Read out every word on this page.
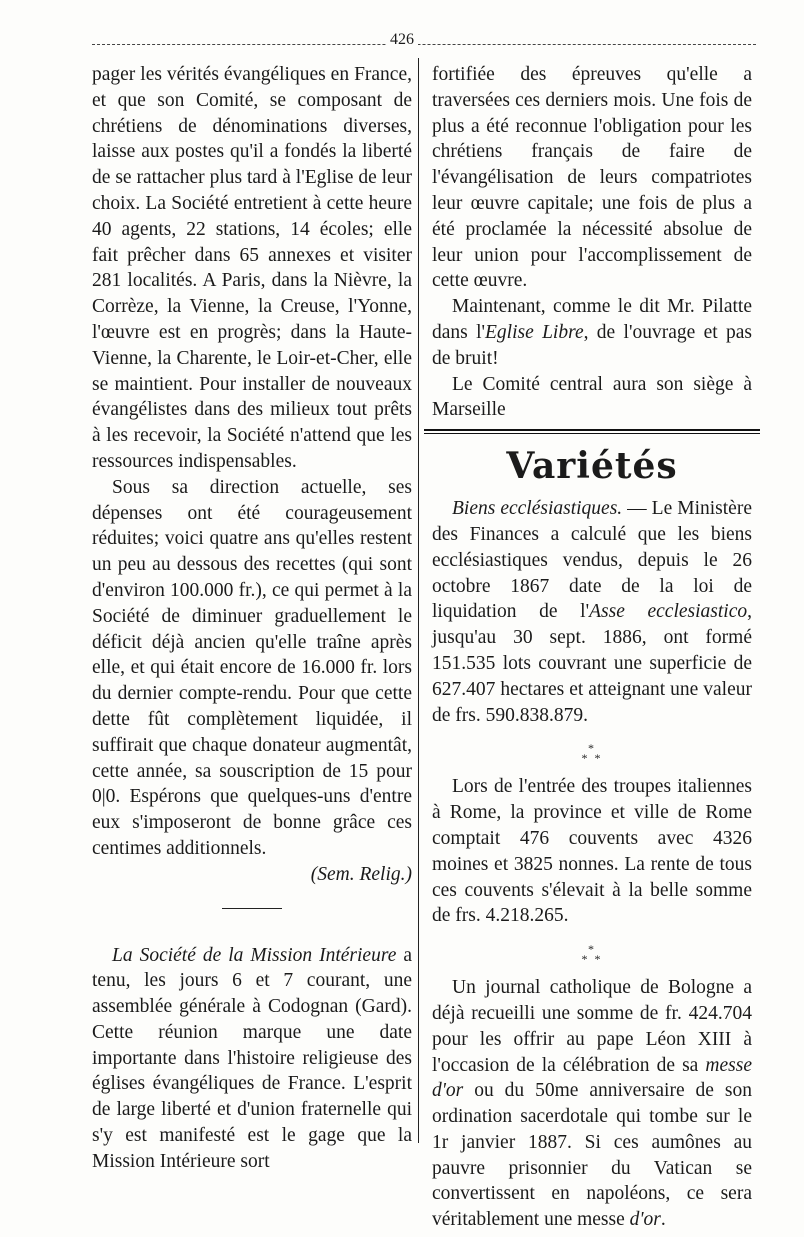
426

pager les vérités évangéliques en France, et que son Comité, se composant de chrétiens de dénominations diverses, laisse aux postes qu'il a fondés la liberté de se rattacher plus tard à l'Eglise de leur choix. La Société entretient à cette heure 40 agents, 22 stations, 14 écoles; elle fait prêcher dans 65 annexes et visiter 281 localités. A Paris, dans la Nièvre, la Corrèze, la Vienne, la Creuse, l'Yonne, l'œuvre est en progrès; dans la Haute-Vienne, la Charente, le Loir-et-Cher, elle se maintient. Pour installer de nouveaux évangélistes dans des milieux tout prêts à les recevoir, la Société n'attend que les ressources indispensables.

Sous sa direction actuelle, ses dépenses ont été courageusement réduites; voici quatre ans qu'elles restent un peu au dessous des recettes (qui sont d'environ 100.000 fr.), ce qui permet à la Société de diminuer graduellement le déficit déjà ancien qu'elle traîne après elle, et qui était encore de 16.000 fr. lors du dernier compte-rendu. Pour que cette dette fût complètement liquidée, il suffirait que chaque donateur augmentât, cette année, sa souscription de 15 pour 0|0. Espérons que quelques-uns d'entre eux s'imposeront de bonne grâce ces centimes additionnels.

(Sem. Relig.)

La Société de la Mission Intérieure a tenu, les jours 6 et 7 courant, une assemblée générale à Codognan (Gard). Cette réunion marque une date importante dans l'histoire religieuse des églises évangéliques de France. L'esprit de large liberté et d'union fraternelle qui s'y est manifesté est le gage que la Mission Intérieure sort

fortifiée des épreuves qu'elle a traversées ces derniers mois. Une fois de plus a été reconnue l'obligation pour les chrétiens français de faire de l'évangélisation de leurs compatriotes leur œuvre capitale; une fois de plus a été proclamée la nécessité absolue de leur union pour l'accomplissement de cette œuvre.

Maintenant, comme le dit Mr. Pilatte dans l'Eglise Libre, de l'ouvrage et pas de bruit!

Le Comité central aura son siège à Marseille

Variétés

Biens ecclésiastiques. — Le Ministère des Finances a calculé que les biens ecclésiastiques vendus, depuis le 26 octobre 1867 date de la loi de liquidation de l'Asse ecclesiastico, jusqu'au 30 sept. 1886, ont formé 151.535 lots couvrant une superficie de 627.407 hectares et atteignant une valeur de frs. 590.838.879.

*
* *

Lors de l'entrée des troupes italiennes à Rome, la province et ville de Rome comptait 476 couvents avec 4326 moines et 3825 nonnes. La rente de tous ces couvents s'élevait à la belle somme de frs. 4.218.265.

*
* *

Un journal catholique de Bologne a déjà recueilli une somme de fr. 424.704 pour les offrir au pape Léon XIII à l'occasion de la célébration de sa messe d'or ou du 50me anniversaire de son ordination sacerdotale qui tombe sur le 1r janvier 1887. Si ces aumônes au pauvre prisonnier du Vatican se convertissent en napoléons, ce sera véritablement une messe d'or.
